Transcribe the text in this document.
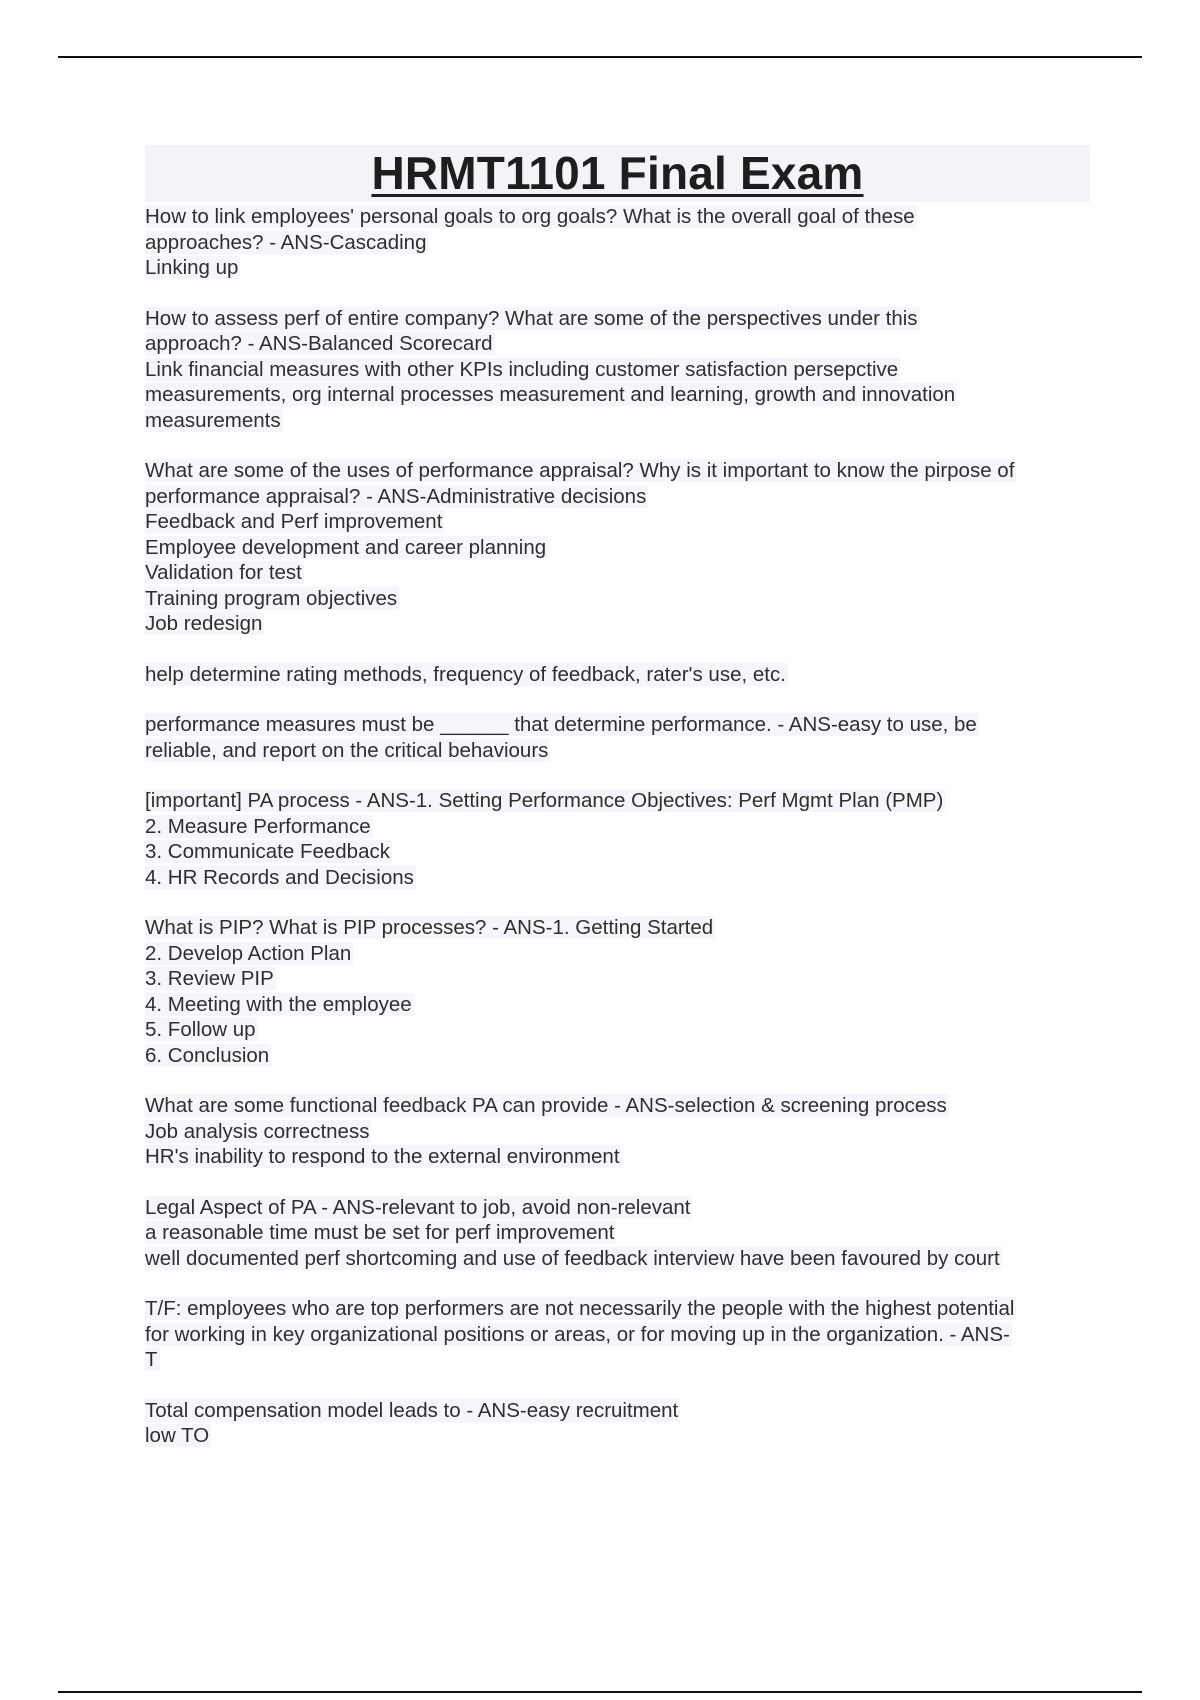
HRMT1101 Final Exam
How to link employees' personal goals to org goals? What is the overall goal of these
approaches? - ANS-Cascading
Linking up
How to assess perf of entire company? What are some of the perspectives under this
approach? - ANS-Balanced Scorecard
Link financial measures with other KPIs including customer satisfaction persepctive
measurements, org internal processes measurement and learning, growth and innovation
measurements
What are some of the uses of performance appraisal? Why is it important to know the pirpose of
performance appraisal? - ANS-Administrative decisions
Feedback and Perf improvement
Employee development and career planning
Validation for test
Training program objectives
Job redesign
help determine rating methods, frequency of feedback, rater's use, etc.
performance measures must be ______ that determine performance. - ANS-easy to use, be
reliable, and report on the critical behaviours
[important] PA process - ANS-1. Setting Performance Objectives: Perf Mgmt Plan (PMP)
2. Measure Performance
3. Communicate Feedback
4. HR Records and Decisions
What is PIP? What is PIP processes? - ANS-1. Getting Started
2. Develop Action Plan
3. Review PIP
4. Meeting with the employee
5. Follow up
6. Conclusion
What are some functional feedback PA can provide - ANS-selection & screening process
Job analysis correctness
HR's inability to respond to the external environment
Legal Aspect of PA - ANS-relevant to job, avoid non-relevant
a reasonable time must be set for perf improvement
well documented perf shortcoming and use of feedback interview have been favoured by court
T/F: employees who are top performers are not necessarily the people with the highest potential
for working in key organizational positions or areas, or for moving up in the organization. - ANS-
T
Total compensation model leads to - ANS-easy recruitment
low TO
